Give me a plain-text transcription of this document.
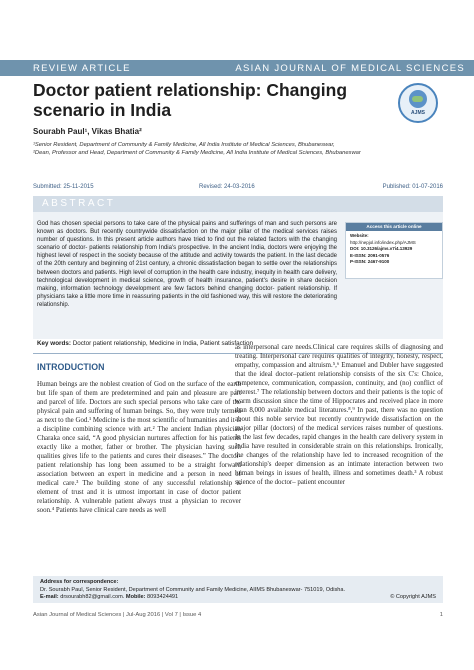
REVIEW ARTICLE	ASIAN JOURNAL OF MEDICAL SCIENCES
Doctor patient relationship: Changing scenario in India	AJMS
Sourabh Paul¹, Vikas Bhatia²

¹Senior Resident, Department of Community & Family Medicine, All India Institute of Medical Sciences, Bhubaneswar,

²Dean, Professor and Head, Department of Community & Family Medicine, All India Institute of Medical Sciences, Bhubaneswar

Submitted: 25-11-2015	Revised: 24-03-2016	Published: 01-07-2016
ABSTRACT
God has chosen special persons to take care of the physical pains and sufferings of man and such persons are known as doctors. But recently countrywide dissatisfaction on the major pillar of the medical services raises number of questions. In this present article authors have tried to find out the related factors with the changing scenario of doctor- patients relationship from India's prospective. In the ancient India, doctors were enjoying the highest level of respect in the society because of the attitude and activity towards the patient. In the last decade of the 20th century and beginning of 21st century, a chronic dissatisfaction began to settle over the relationships between doctors and patients. High level of corruption in the health care industry, inequity in health care delivery, technological development in medical science, growth of health insurance, patient's desire in share decision making, information technology development are few factors behind changing doctor- patient relationship. If physicians take a little more time in reassuring patients in the old fashioned way, this will restore the deteriorating relationship.
Access this article online
Website:
http://nepjol.info/index.php/AJMS
DOI: 10.3126/ajms.v7i4.13929
E-ISSN: 2091-0576
P-ISSN: 2467-9100
Key words: Doctor patient relationship, Medicine in India, Patient satisfaction
INTRODUCTION
Human beings are the noblest creation of God on the surface of the earth but life span of them are predetermined and pain and pleasure are part and parcel of life. Doctors are such special persons who take care of the physical pain and suffering of human beings. So, they were truly termed as next to the God.¹ Medicine is the most scientific of humanities and it is a discipline combining science with art.² The ancient Indian physician Charaka once said, “A good physician nurtures affection for his patients exactly like a mother, father or brother. The physician having such qualities gives life to the patients and cures their diseases.” The doctor-patient relationship has long been assumed to be a straight forward association between an expert in medicine and a person in need of medical care.³ The building stone of any successful relationship is element of trust and it is utmost important in case of doctor patient relationship. A vulnerable patient always trust a physician to recover soon.⁴ Patients have clinical care needs as well
as interpersonal care needs.Clinical care requires skills of diagnosing and treating. Interpersonal care requires qualities of integrity, honesty, respect, empathy, compassion and altruism.⁵,⁶ Emanuel and Dubler have suggested that the ideal doctor–patient relationship consists of the six C's: Choice, competence, communication, compassion, continuity, and (no) conflict of interest.⁷ The relationship between doctors and their patients is the topic of warm discussion since the time of Hippocrates and received place in more than 8,000 available medical literatures.⁸,⁹ In past, there was no question about this noble service but recently countrywide dissatisfaction on the major pillar (doctors) of the medical services raises number of questions. In the last few decades, rapid changes in the health care delivery system in India have resulted in considerable strain on this relationships. Ironically, the changes of the relationship have led to increased recognition of the relationship's deeper dimension as an intimate interaction between two human beings in issues of health, illness and sometimes death.³ A robust science of the doctor– patient encounter
Address for correspondence:
Dr. Sourabh Paul, Senior Resident, Department of Community and Family Medicine, AIIMS Bhubaneswar- 751019, Odisha.
E-mail: drsourabh82@gmail.com. Mobile: 8093424491	© Copyright AJMS
Asian Journal of Medical Sciences | Jul-Aug 2016 | Vol 7 | Issue 4	1
